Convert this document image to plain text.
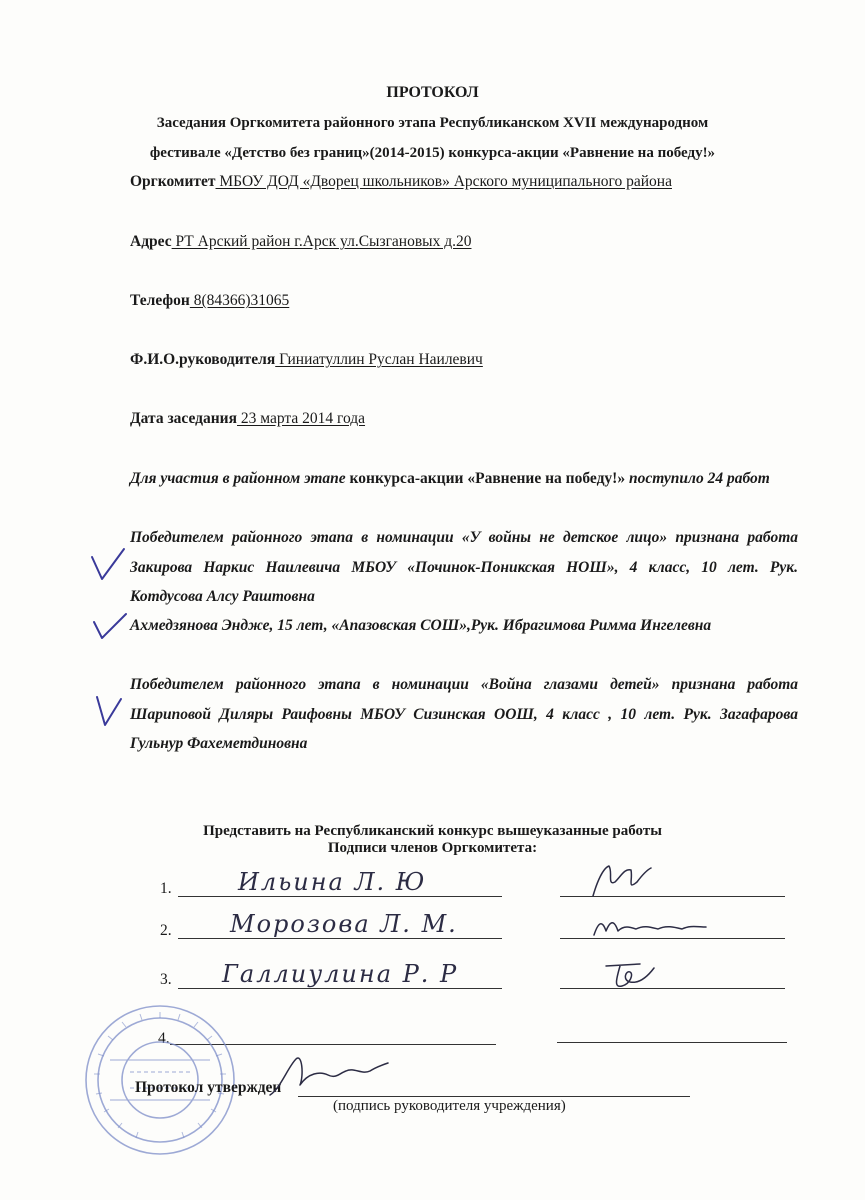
ПРОТОКОЛ
Заседания Оргкомитета районного этапа Республиканском XVII международном
фестивале «Детство без границ»(2014-2015) конкурса-акции «Равнение на победу!»
Оргкомитет МБОУ ДОД «Дворец школьников» Арского муниципального района
Адрес РТ Арский район г.Арск ул.Сызгановых д.20
Телефон 8(84366)31065
Ф.И.О.руководителя Гиниатуллин Руслан Наилевич
Дата заседания 23 марта 2014 года
Для участия в районном этапе конкурса-акции «Равнение на победу!» поступило 24 работ
Победителем районного этапа в номинации «У войны не детское лицо» признана работа Закирова Наркис Наилевича МБОУ «Починок-Поникская НОШ», 4 класс, 10 лет. Рук. Котдусова Алсу Раштовна
Ахмедзянова Эндже, 15 лет, «Апазовская СОШ»,Рук. Ибрагимова Римма Ингелевна
Победителем районного этапа в номинации «Война глазами детей» признана работа Шариповой Диляры Раифовны МБОУ Сизинская ООШ, 4 класс , 10 лет. Рук. Загафарова Гульнур Фахеметдиновна
Представить на Республиканский конкурс вышеуказанные работы
Подписи членов Оргкомитета:
1.	Ильина Л. Ю
2. Морозова Л. М.
3. Галлиулина Р. Р
4.
Протокол утвержден
(подпись руководителя учреждения)
